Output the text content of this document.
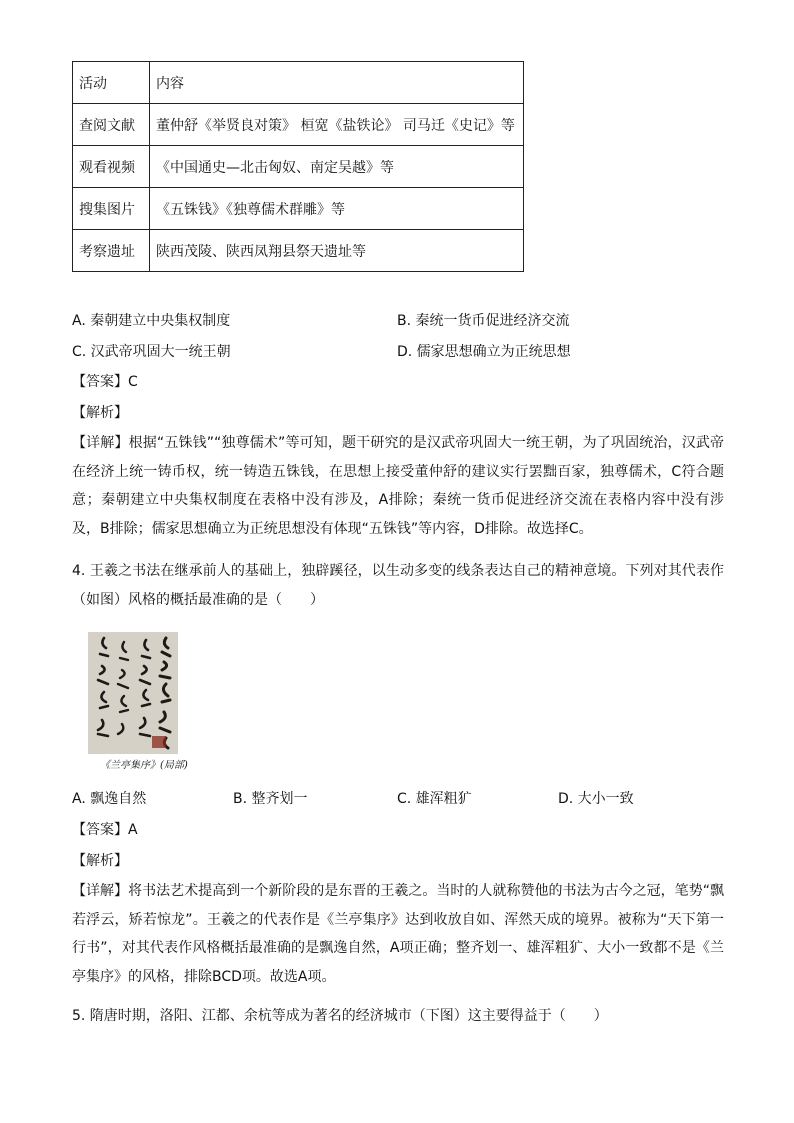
活动	内容
查阅文献	董仲舒《举贤良对策》 桓宽《盐铁论》 司马迁《史记》等
观看视频	《中国通史—北击匈奴、南定吴越》等
搜集图片	《五铢钱》《独尊儒术群雕》等
考察遗址	陕西茂陵、陕西凤翔县祭天遗址等
A. 秦朝建立中央集权制度	B. 秦统一货币促进经济交流
C. 汉武帝巩固大一统王朝	D. 儒家思想确立为正统思想
【答案】C
【解析】
【详解】根据“五铢钱”“独尊儒术”等可知，题干研究的是汉武帝巩固大一统王朝，为了巩固统治，汉武帝在经济上统一铸币权，统一铸造五铢钱，在思想上接受董仲舒的建议实行罢黜百家，独尊儒术，C符合题意；秦朝建立中央集权制度在表格中没有涉及，A排除；秦统一货币促进经济交流在表格内容中没有涉及，B排除；儒家思想确立为正统思想没有体现“五铢钱”等内容，D排除。故选择C。
4. 王羲之书法在继承前人的基础上，独辟蹊径，以生动多变的线条表达自己的精神意境。下列对其代表作（如图）风格的概括最准确的是（　　）
《兰亭集序》(局部)
A. 飘逸自然	B. 整齐划一	C. 雄浑粗犷	D. 大小一致
【答案】A
【解析】
【详解】将书法艺术提高到一个新阶段的是东晋的王羲之。当时的人就称赞他的书法为古今之冠，笔势“飘若浮云，矫若惊龙”。王羲之的代表作是《兰亭集序》达到收放自如、浑然天成的境界。被称为“天下第一行书”，对其代表作风格概括最准确的是飘逸自然，A项正确；整齐划一、雄浑粗犷、大小一致都不是《兰亭集序》的风格，排除BCD项。故选A项。
5. 隋唐时期，洛阳、江都、余杭等成为著名的经济城市（下图）这主要得益于（　　）
